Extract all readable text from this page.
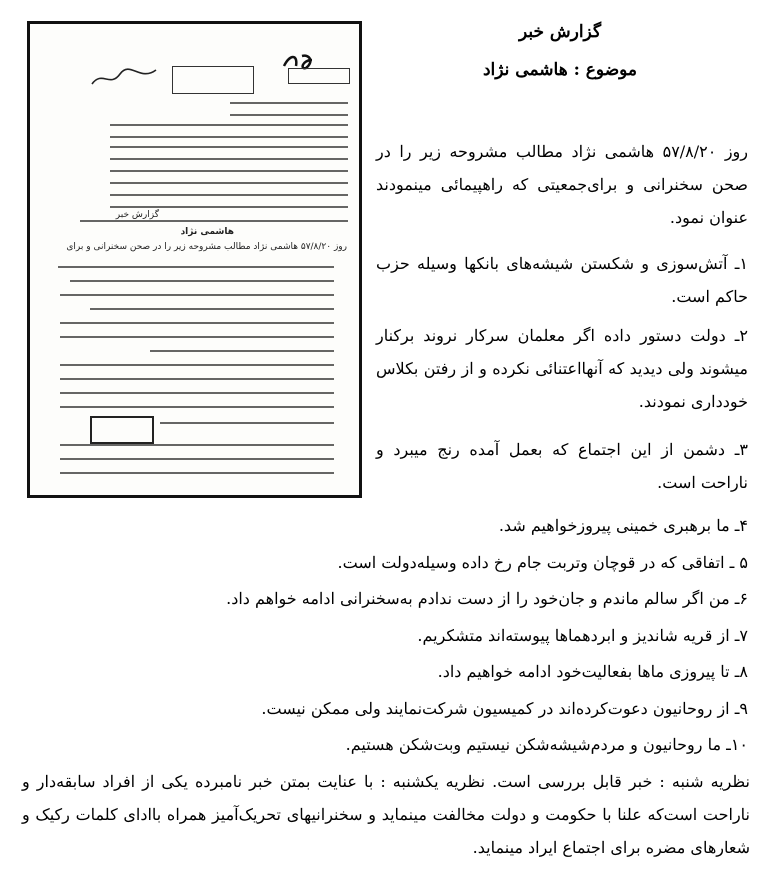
هاشمی نژاد
گزارش خبر
روز ۵۷/۸/۲۰ هاشمی نژاد مطالب مشروحه زیر را در صحن سخنرانی و برای
گزارش خبر
موضوع : هاشمی نژاد
روز ۵۷/۸/۲۰ هاشمی نژاد مطالب مشروحه زیر را در صحن سخنرانی و برای‌جمعیتی که راهپیمائی مینمودند عنوان نمود.
۱ـ آتش‌سوزی و شکستن شیشه‌های بانکها وسیله حزب حاکم است.
۲ـ دولت دستور داده اگر معلمان سرکار نروند برکنار میشوند ولی دیدید که آنهااعتنائی نکرده و از رفتن بکلاس خودداری نمودند.
۳ـ دشمن از این اجتماع که بعمل آمده رنج میبرد و ناراحت است.
۴ـ ما برهبری خمینی پیروزخواهیم شد.
۵ ـ اتفاقی که در قوچان وتربت جام رخ داده وسیله‌دولت است.
۶ـ من اگر سالم ماندم و جان‌خود را از دست ندادم به‌سخنرانی ادامه خواهم داد.
۷ـ از قریه شاندیز و ابردهماها پیوسته‌اند متشکریم.
۸ـ تا پیروزی ماها بفعالیت‌خود ادامه خواهیم داد.
۹ـ از روحانیون دعوت‌کرده‌اند در کمیسیون شرکت‌نمایند ولی ممکن نیست.
۱۰ـ ما روحانیون و مردم‌شیشه‌شکن نیستیم وبت‌شکن هستیم.
نظریه شنبه : خبر قابل بررسی است. نظریه یکشنبه : با عنایت بمتن خبر نامبرده یکی از افراد سابقه‌دار و ناراحت است‌که علنا با حکومت و دولت مخالفت مینماید و سخنرانیهای تحریک‌آمیز همراه باادای کلمات رکیک و شعارهای مضره برای اجتماع ایراد مینماید.
